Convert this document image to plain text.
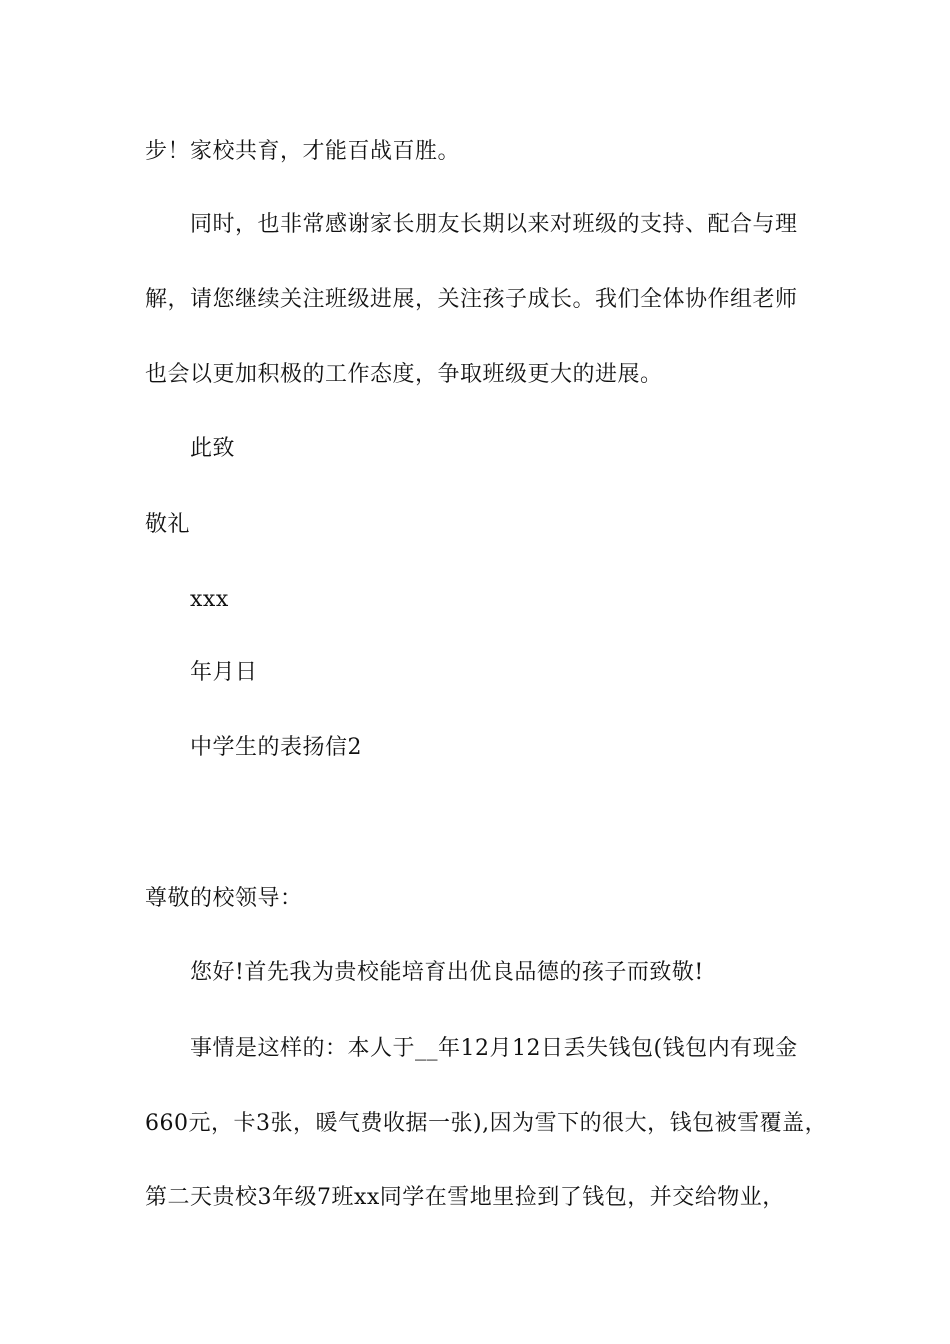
步！家校共育，才能百战百胜。
同时，也非常感谢家长朋友长期以来对班级的支持、配合与理
解，请您继续关注班级进展，关注孩子成长。我们全体协作组老师
也会以更加积极的工作态度，争取班级更大的进展。
此致
敬礼
xxx
年月日
中学生的表扬信2
尊敬的校领导：
您好!首先我为贵校能培育出优良品德的孩子而致敬!
事情是这样的：本人于__年12月12日丢失钱包(钱包内有现金
660元，卡3张，暖气费收据一张),因为雪下的很大，钱包被雪覆盖，
第二天贵校3年级7班xx同学在雪地里捡到了钱包，并交给物业，
